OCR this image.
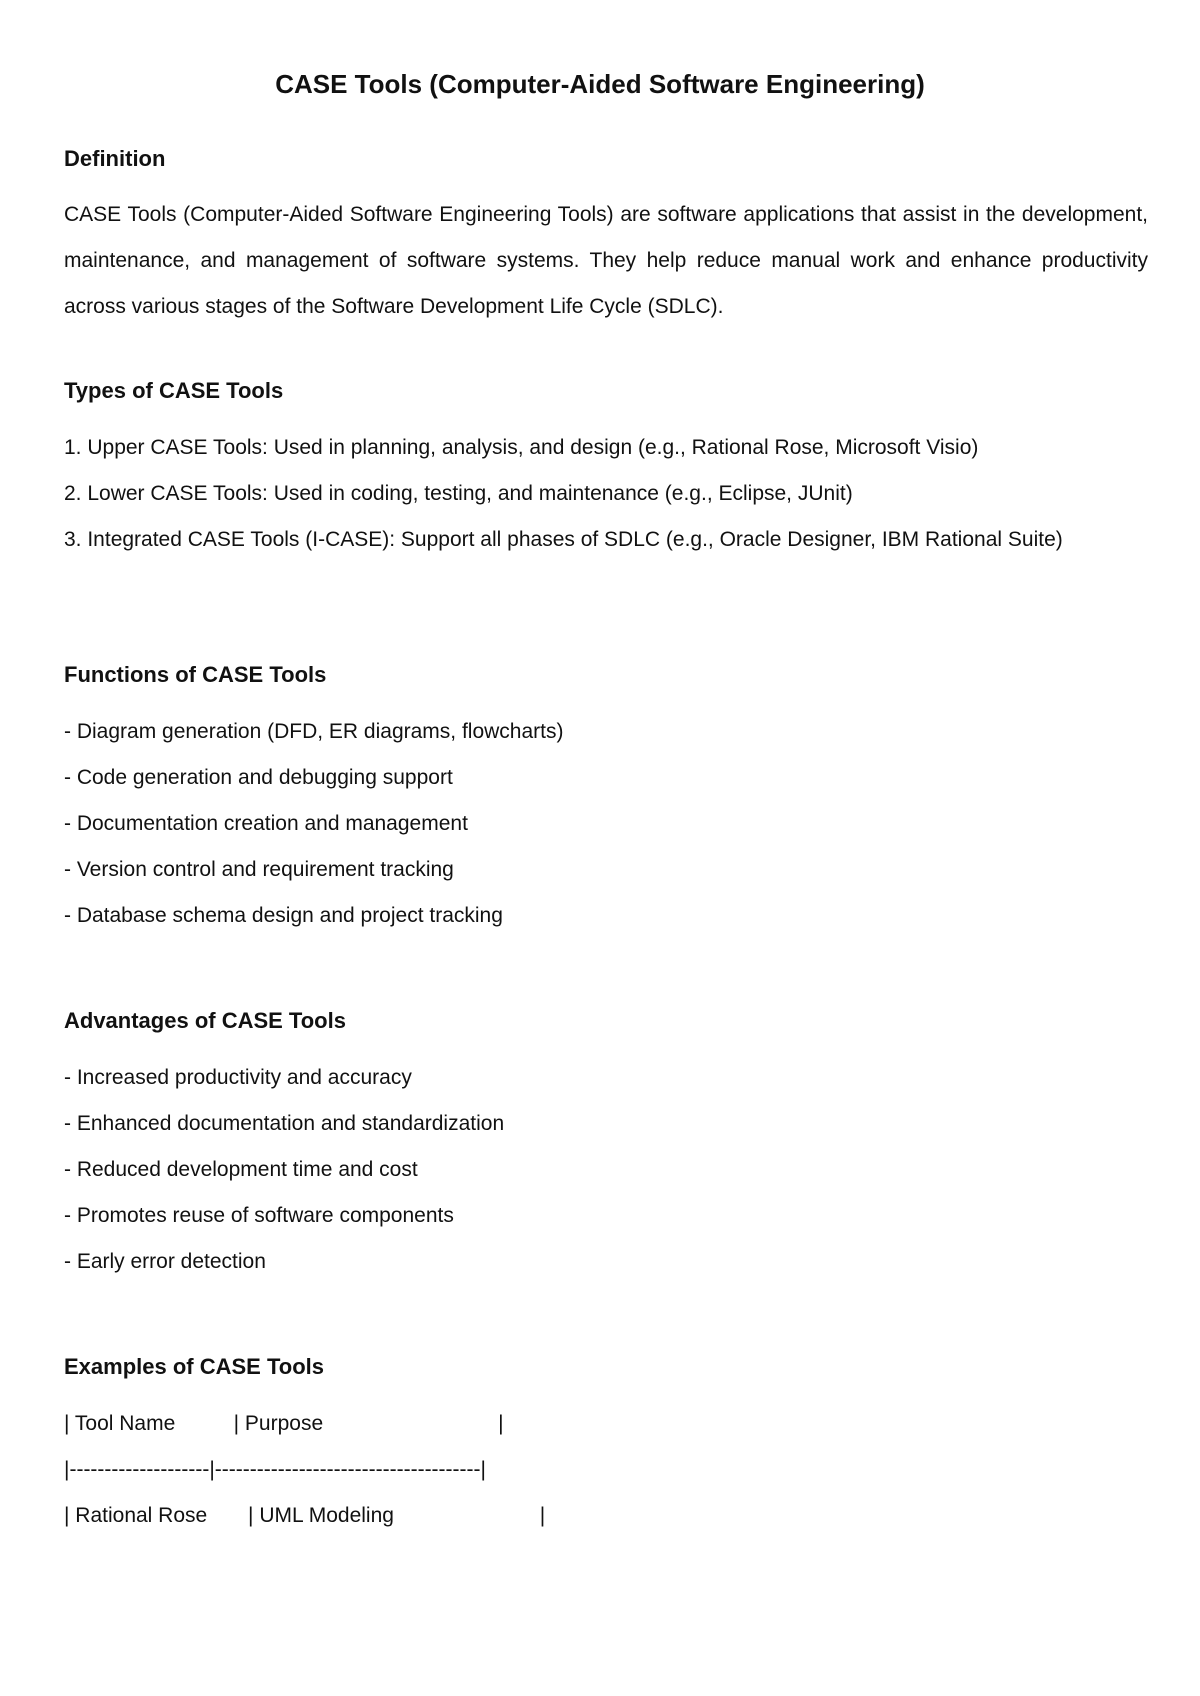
CASE Tools (Computer-Aided Software Engineering)
Definition

CASE Tools (Computer-Aided Software Engineering Tools) are software applications that assist in the development, maintenance, and management of software systems. They help reduce manual work and enhance productivity across various stages of the Software Development Life Cycle (SDLC).

Types of CASE Tools

1. Upper CASE Tools: Used in planning, analysis, and design (e.g., Rational Rose, Microsoft Visio)

2. Lower CASE Tools: Used in coding, testing, and maintenance (e.g., Eclipse, JUnit)

3. Integrated CASE Tools (I-CASE): Support all phases of SDLC (e.g., Oracle Designer, IBM Rational Suite)

Functions of CASE Tools

- Diagram generation (DFD, ER diagrams, flowcharts)

- Code generation and debugging support

- Documentation creation and management

- Version control and requirement tracking

- Database schema design and project tracking

Advantages of CASE Tools

- Increased productivity and accuracy

- Enhanced documentation and standardization

- Reduced development time and cost

- Promotes reuse of software components

- Early error detection

Examples of CASE Tools

| Tool Name          | Purpose                              |

|--------------------|--------------------------------------|

| Rational Rose       | UML Modeling                         |
